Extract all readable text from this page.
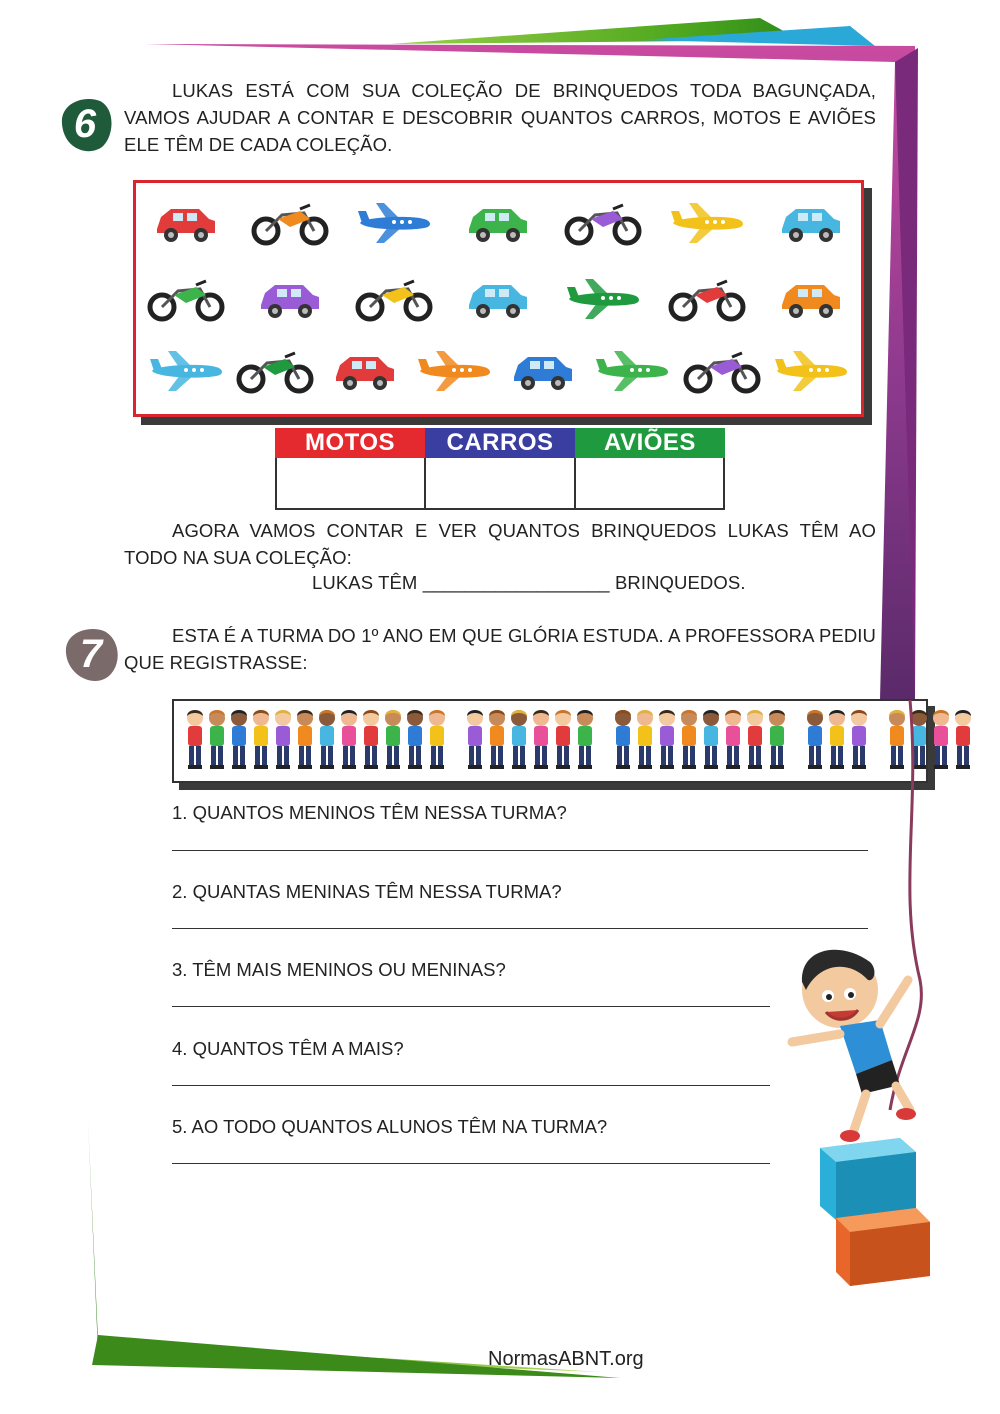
6
LUKAS ESTÁ COM SUA COLEÇÃO DE BRINQUEDOS TODA BAGUNÇADA, VAMOS AJUDAR A CONTAR E DESCOBRIR QUANTOS CARROS, MOTOS E AVIÕES ELE TÊM DE CADA COLEÇÃO.
MOTOS	CARROS	AVIÕES
AGORA VAMOS CONTAR E VER QUANTOS BRINQUEDOS LUKAS TÊM AO TODO NA SUA COLEÇÃO:
LUKAS TÊM __________________ BRINQUEDOS.
7	ESTA É A TURMA DO 1º ANO EM QUE GLÓRIA ESTUDA. A PROFESSORA PEDIU QUE REGISTRASSE:
1. QUANTOS MENINOS TÊM NESSA TURMA?
2. QUANTAS MENINAS TÊM NESSA TURMA?
3. TÊM MAIS MENINOS OU MENINAS?
4. QUANTOS TÊM A MAIS?
5. AO TODO QUANTOS ALUNOS TÊM NA TURMA?
NormasABNT.org
